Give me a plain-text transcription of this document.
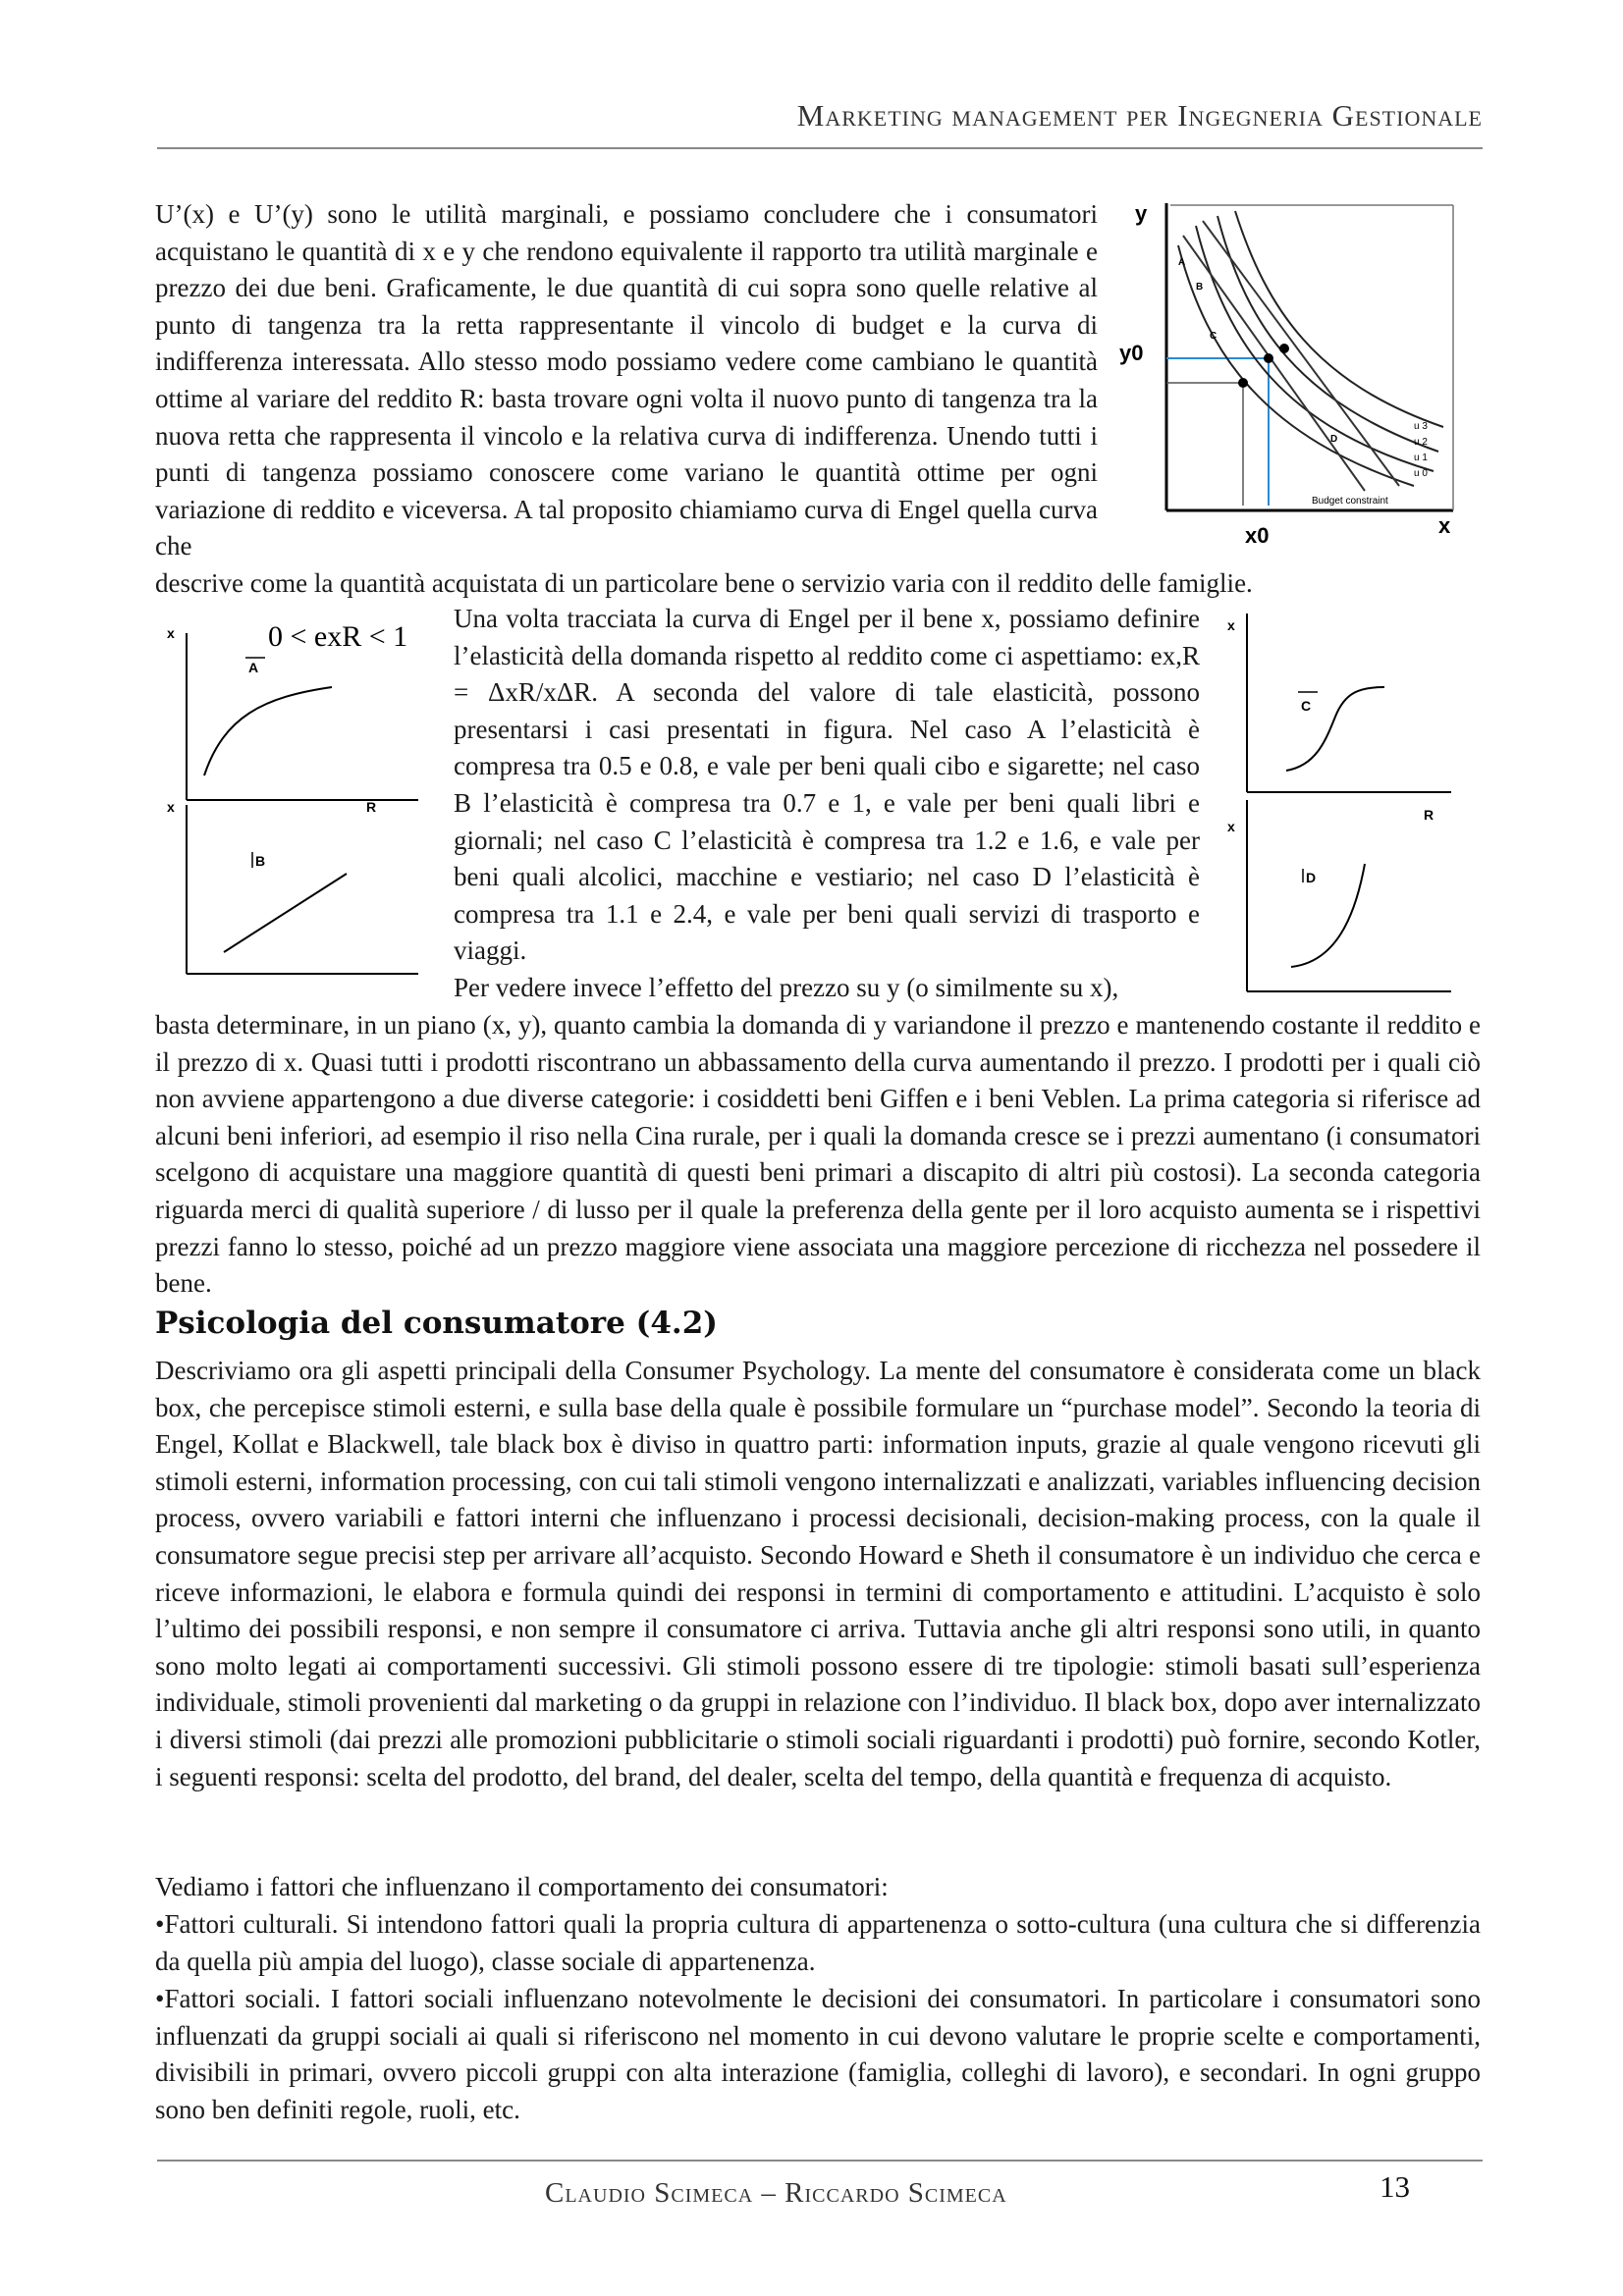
Marketing management per Ingegneria Gestionale

U’(x) e U’(y) sono le utilità marginali, e possiamo concludere che i consumatori acquistano le quantità di x e y che rendono equivalente il rapporto tra utilità marginale e prezzo dei due beni. Graficamente, le due quantità di cui sopra sono quelle relative al punto di tangenza tra la retta rappresentante il vincolo di budget e la curva di indifferenza interessata. Allo stesso modo possiamo vedere come cambiano le quantità ottime al variare del reddito R: basta trovare ogni volta il nuovo punto di tangenza tra la nuova retta che rappresenta il vincolo e la relativa curva di indifferenza. Unendo tutti i punti di tangenza possiamo conoscere come variano le quantità ottime per ogni variazione di reddito e viceversa. A tal proposito chiamiamo curva di Engel quella curva che

descrive come la quantità acquistata di un particolare bene o servizio varia con il reddito delle famiglie.

y
x
y0
x0
A
B
C
D
u 3
u 2
u 1
u 0
Budget constraint
0 < exR < 1
x
A
x	R
B

Una volta tracciata la curva di Engel per il bene x, possiamo definire l’elasticità della domanda rispetto al reddito come ci aspettiamo: ex,R = ΔxR/xΔR. A seconda del valore di tale elasticità, possono presentarsi i casi presentati in figura. Nel caso A l’elasticità è compresa tra 0.5 e 0.8, e vale per beni quali cibo e sigarette; nel caso B l’elasticità è compresa tra 0.7 e 1, e vale per beni quali libri e giornali; nel caso C l’elasticità è compresa tra 1.2 e 1.6, e vale per beni quali alcolici, macchine e vestiario; nel caso D l’elasticità è compresa tra 1.1 e 2.4, e vale per beni quali servizi di trasporto e viaggi.

Per vedere invece l’effetto del prezzo su y (o similmente su x),

x
C
R
x
D

basta determinare, in un piano (x, y), quanto cambia la domanda di y variandone il prezzo e mantenendo costante il reddito e il prezzo di x. Quasi tutti i prodotti riscontrano un abbassamento della curva aumentando il prezzo. I prodotti per i quali ciò non avviene appartengono a due diverse categorie: i cosiddetti beni Giffen e i beni Veblen. La prima categoria si riferisce ad alcuni beni inferiori, ad esempio il riso nella Cina rurale, per i quali la domanda cresce se i prezzi aumentano (i consumatori scelgono di acquistare una maggiore quantità di questi beni primari a discapito di altri più costosi). La seconda categoria riguarda merci di qualità superiore / di lusso per il quale la preferenza della gente per il loro acquisto aumenta se i rispettivi prezzi fanno lo stesso, poiché ad un prezzo maggiore viene associata una maggiore percezione di ricchezza nel possedere il bene.

Psicologia del consumatore (4.2)

Descriviamo ora gli aspetti principali della Consumer Psychology. La mente del consumatore è considerata come un black box, che percepisce stimoli esterni, e sulla base della quale è possibile formulare un “purchase model”. Secondo la teoria di Engel, Kollat e Blackwell, tale black box è diviso in quattro parti: information inputs, grazie al quale vengono ricevuti gli stimoli esterni, information processing, con cui tali stimoli vengono internalizzati e analizzati, variables influencing decision process, ovvero variabili e fattori interni che influenzano i processi decisionali, decision-making process, con la quale il consumatore segue precisi step per arrivare all’acquisto. Secondo Howard e Sheth il consumatore è un individuo che cerca e riceve informazioni, le elabora e formula quindi dei responsi in termini di comportamento e attitudini. L’acquisto è solo l’ultimo dei possibili responsi, e non sempre il consumatore ci arriva. Tuttavia anche gli altri responsi sono utili, in quanto sono molto legati ai comportamenti successivi. Gli stimoli possono essere di tre tipologie: stimoli basati sull’esperienza individuale, stimoli provenienti dal marketing o da gruppi in relazione con l’individuo. Il black box, dopo aver internalizzato i diversi stimoli (dai prezzi alle promozioni pubblicitarie o stimoli sociali riguardanti i prodotti) può fornire, secondo Kotler, i seguenti responsi: scelta del prodotto, del brand, del dealer, scelta del tempo, della quantità e frequenza di acquisto.

Vediamo i fattori che influenzano il comportamento dei consumatori:

•Fattori culturali. Si intendono fattori quali la propria cultura di appartenenza o sotto-cultura (una cultura che si differenzia da quella più ampia del luogo), classe sociale di appartenenza.

•Fattori sociali. I fattori sociali influenzano notevolmente le decisioni dei consumatori. In particolare i consumatori sono influenzati da gruppi sociali ai quali si riferiscono nel momento in cui devono valutare le proprie scelte e comportamenti, divisibili in primari, ovvero piccoli gruppi con alta interazione (famiglia, colleghi di lavoro), e secondari. In ogni gruppo sono ben definiti regole, ruoli, etc.

Claudio Scimeca – Riccardo Scimeca	13
